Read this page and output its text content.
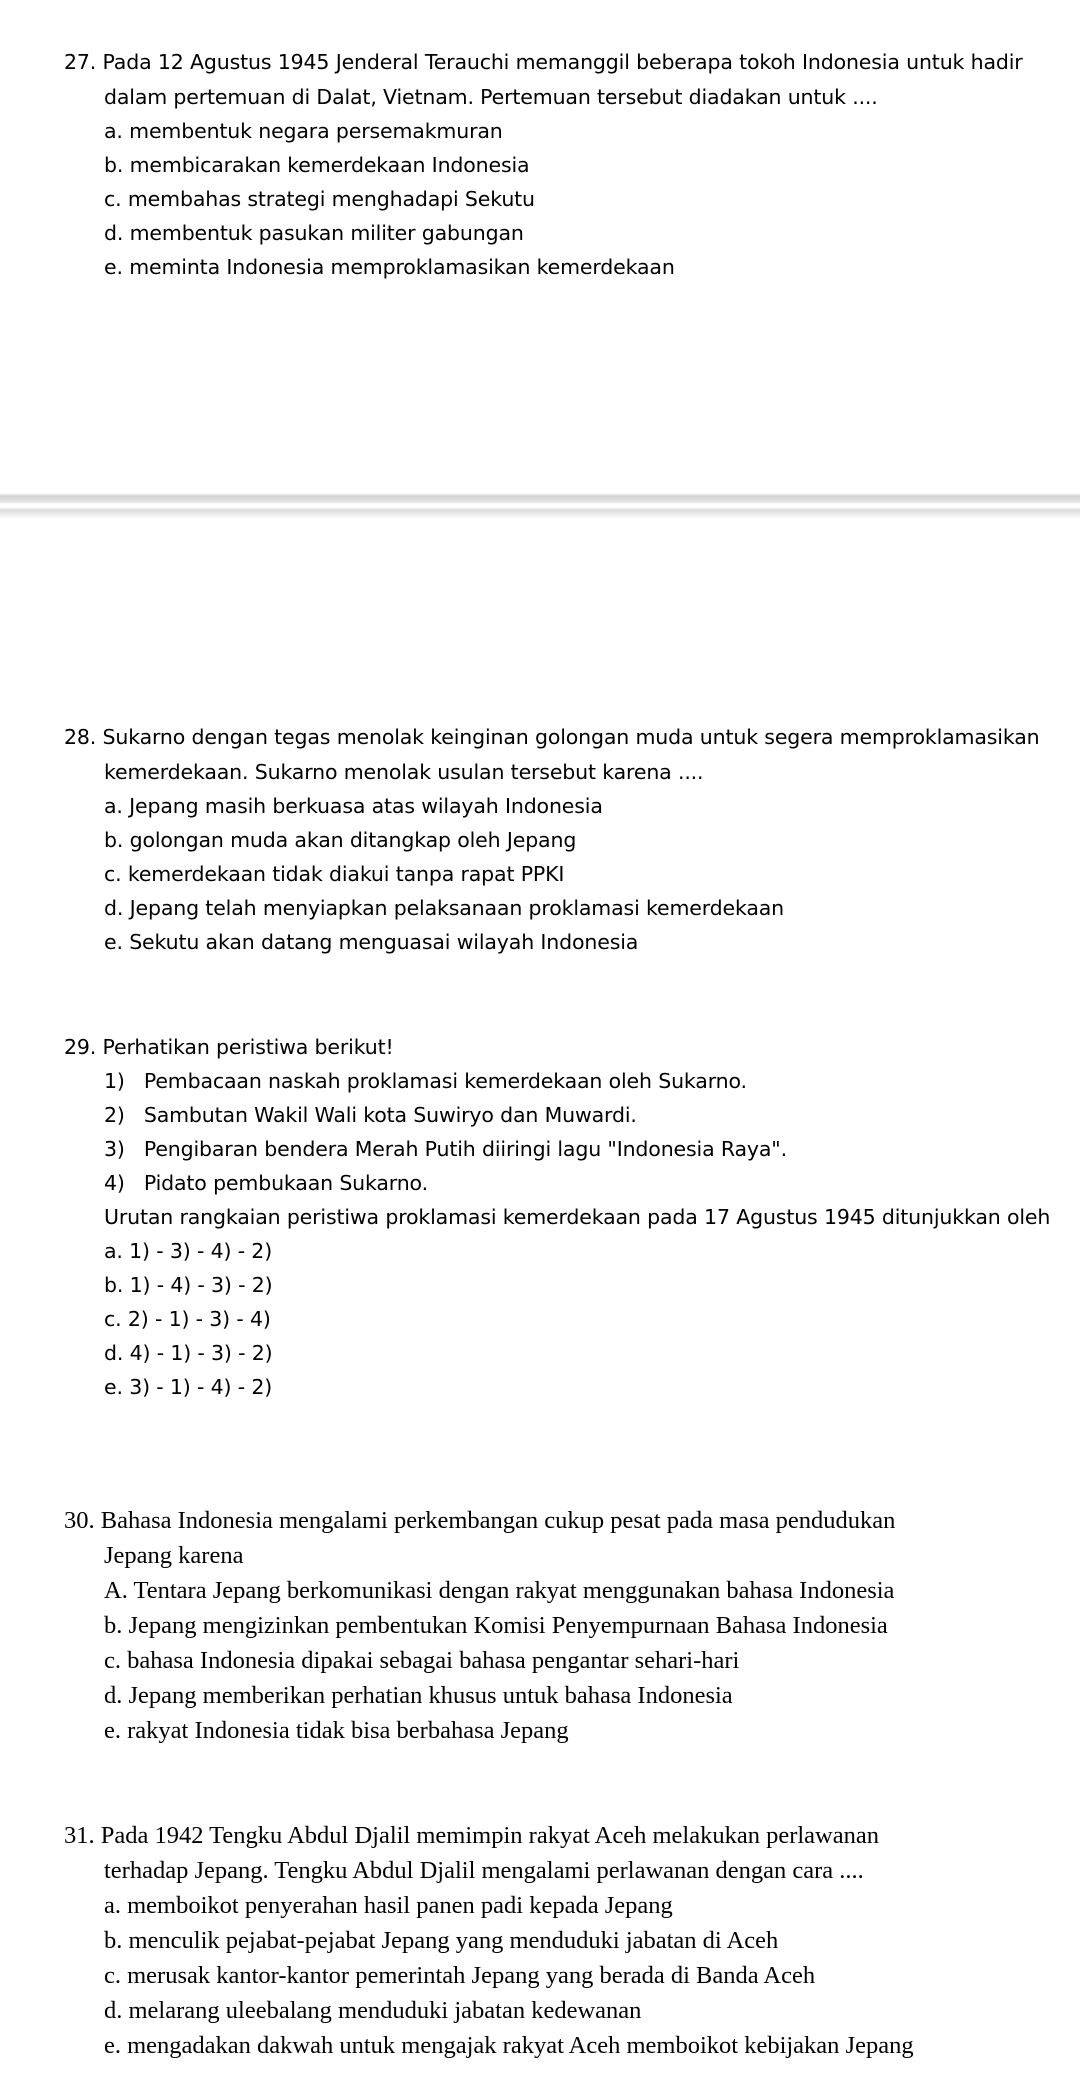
27. Pada 12 Agustus 1945 Jenderal Terauchi memanggil beberapa tokoh Indonesia untuk hadir
dalam pertemuan di Dalat, Vietnam. Pertemuan tersebut diadakan untuk ....
a. membentuk negara persemakmuran
b. membicarakan kemerdekaan Indonesia
c. membahas strategi menghadapi Sekutu
d. membentuk pasukan militer gabungan
e. meminta Indonesia memproklamasikan kemerdekaan
28. Sukarno dengan tegas menolak keinginan golongan muda untuk segera memproklamasikan
kemerdekaan. Sukarno menolak usulan tersebut karena ....
a. Jepang masih berkuasa atas wilayah Indonesia
b. golongan muda akan ditangkap oleh Jepang
c. kemerdekaan tidak diakui tanpa rapat PPKI
d. Jepang telah menyiapkan pelaksanaan proklamasi kemerdekaan
e. Sekutu akan datang menguasai wilayah Indonesia
29. Perhatikan peristiwa berikut!
1)   Pembacaan naskah proklamasi kemerdekaan oleh Sukarno.
2)   Sambutan Wakil Wali kota Suwiryo dan Muwardi.
3)   Pengibaran bendera Merah Putih diiringi lagu "Indonesia Raya".
4)   Pidato pembukaan Sukarno.
Urutan rangkaian peristiwa proklamasi kemerdekaan pada 17 Agustus 1945 ditunjukkan oleh
a. 1) - 3) - 4) - 2)
b. 1) - 4) - 3) - 2)
c. 2) - 1) - 3) - 4)
d. 4) - 1) - 3) - 2)
e. 3) - 1) - 4) - 2)
30. Bahasa Indonesia mengalami perkembangan cukup pesat pada masa pendudukan
Jepang karena
A. Tentara Jepang berkomunikasi dengan rakyat menggunakan bahasa Indonesia
b. Jepang mengizinkan pembentukan Komisi Penyempurnaan Bahasa Indonesia
c. bahasa Indonesia dipakai sebagai bahasa pengantar sehari-hari
d. Jepang memberikan perhatian khusus untuk bahasa Indonesia
e. rakyat Indonesia tidak bisa berbahasa Jepang
31. Pada 1942 Tengku Abdul Djalil memimpin rakyat Aceh melakukan perlawanan
terhadap Jepang. Tengku Abdul Djalil mengalami perlawanan dengan cara ....
a. memboikot penyerahan hasil panen padi kepada Jepang
b. menculik pejabat-pejabat Jepang yang menduduki jabatan di Aceh
c. merusak kantor-kantor pemerintah Jepang yang berada di Banda Aceh
d. melarang uleebalang menduduki jabatan kedewanan
e. mengadakan dakwah untuk mengajak rakyat Aceh memboikot kebijakan Jepang
